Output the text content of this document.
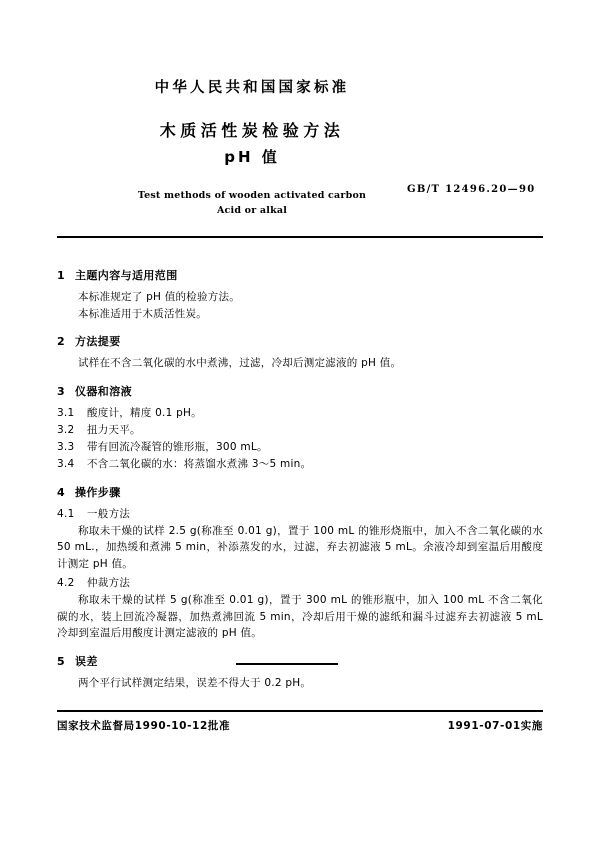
中华人民共和国国家标准
木质活性炭检验方法
pH 值
GB/T 12496.20—90
Test methods of wooden activated carbon
Acid or alkal
1 主题内容与适用范围
本标准规定了 pH 值的检验方法。
本标准适用于木质活性炭。
2 方法提要
试样在不含二氧化碳的水中煮沸，过滤，冷却后测定滤液的 pH 值。
3 仪器和溶液
3.1 酸度计，精度 0.1 pH。
3.2 扭力天平。
3.3 带有回流冷凝管的锥形瓶，300 mL。
3.4 不含二氧化碳的水：将蒸馏水煮沸 3～5 min。
4 操作步骤
4.1 一般方法
称取未干燥的试样 2.5 g(称准至 0.01 g)，置于 100 mL 的锥形烧瓶中，加入不含二氧化碳的水 50 mL.，加热缓和煮沸 5 min，补添蒸发的水，过滤，弃去初滤液 5 mL。余液冷却到室温后用酸度计测定 pH 值。
4.2 仲裁方法
称取未干燥的试样 5 g(称准至 0.01 g)，置于 300 mL 的锥形瓶中，加入 100 mL 不含二氧化碳的水，装上回流冷凝器，加热煮沸回流 5 min，冷却后用干燥的滤纸和漏斗过滤弃去初滤液 5 mL 冷却到室温后用酸度计测定滤液的 pH 值。
5 误差
两个平行试样测定结果，误差不得大于 0.2 pH。
国家技术监督局1990-10-12批准	1991-07-01实施
